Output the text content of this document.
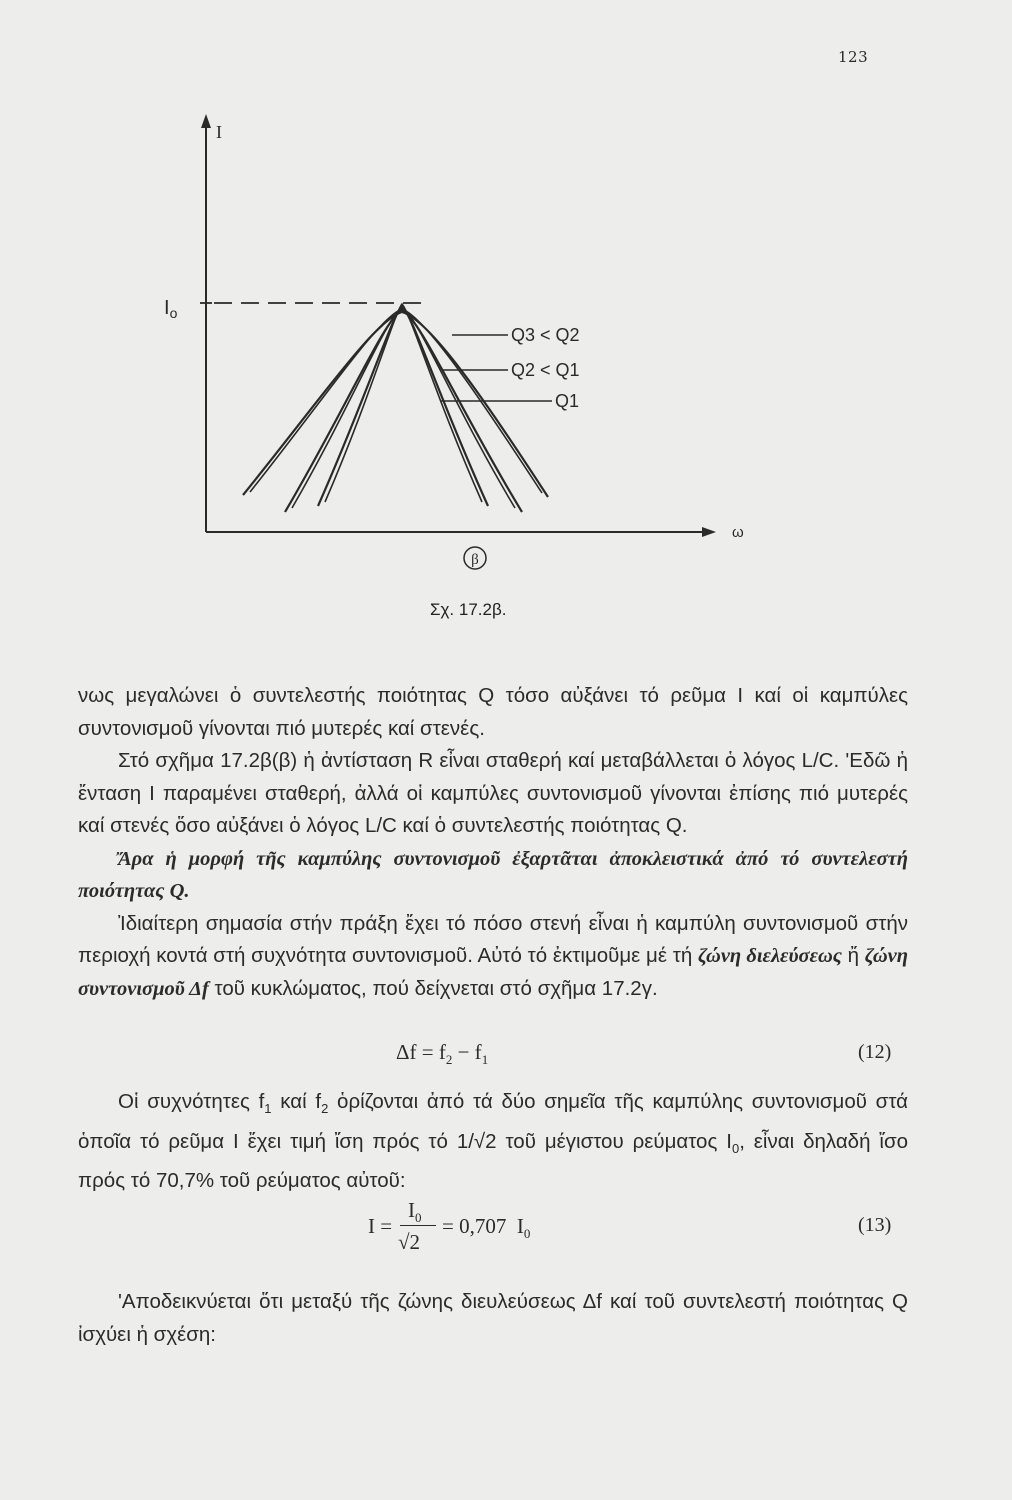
123
I
ω
$I_o$
Q3 < Q2
Q2 < Q1
Q1
β
Σχ. 17.2β.

νως μεγαλώνει ὁ συντελεστής ποιότητας Q τόσο αὐξάνει τό ρεῦμα I καί οἱ καμπύλες συντονισμοῦ γίνονται πιό μυτερές καί στενές.

Στό σχῆμα 17.2β(β) ἡ ἀντίσταση R εἶναι σταθερή καί μεταβάλλεται ὁ λόγος L/C. 'Εδῶ ἡ ἔνταση I παραμένει σταθερή, ἀλλά οἱ καμπύλες συντονισμοῦ γίνονται ἐπίσης πιό μυτερές καί στενές ὅσο αὐξάνει ὁ λόγος L/C καί ὁ συντελεστής ποιότητας Q.

Ἄρα ἡ μορφή τῆς καμπύλης συντονισμοῦ ἐξαρτᾶται ἀποκλειστικά ἀπό τό συντελεστή ποιότητας Q.

Ἰδιαίτερη σημασία στήν πράξη ἔχει τό πόσο στενή εἶναι ἡ καμπύλη συντονισμοῦ στήν περιοχή κοντά στή συχνότητα συντονισμοῦ. Αὐτό τό ἐκτιμοῦμε μέ τή ζώνη διελεύσεως ἤ ζώνη συντονισμοῦ Δf τοῦ κυκλώματος, πού δείχνεται στό σχῆμα 17.2γ.

$\Delta f = f_2 - f_1$	(12)

Οἱ συχνότητες $f_1$ καί $f_2$ ὁρίζονται ἀπό τά δύο σημεῖα τῆς καμπύλης συντονισμοῦ στά ὁποῖα τό ρεῦμα I ἔχει τιμή ἴση πρός τό 1/√2 τοῦ μέγιστου ρεύματος $I_0$, εἶναι δηλαδή ἴσο πρός τό 70,7% τοῦ ρεύματος αὐτοῦ:

I =
$I_0$
√2
= 0,707  $I_0$	(13)

'Αποδεικνύεται ὅτι μεταξύ τῆς ζώνης διευλεύσεως Δf καί τοῦ συντελεστή ποιότητας Q ἰσχύει ἡ σχέση:
